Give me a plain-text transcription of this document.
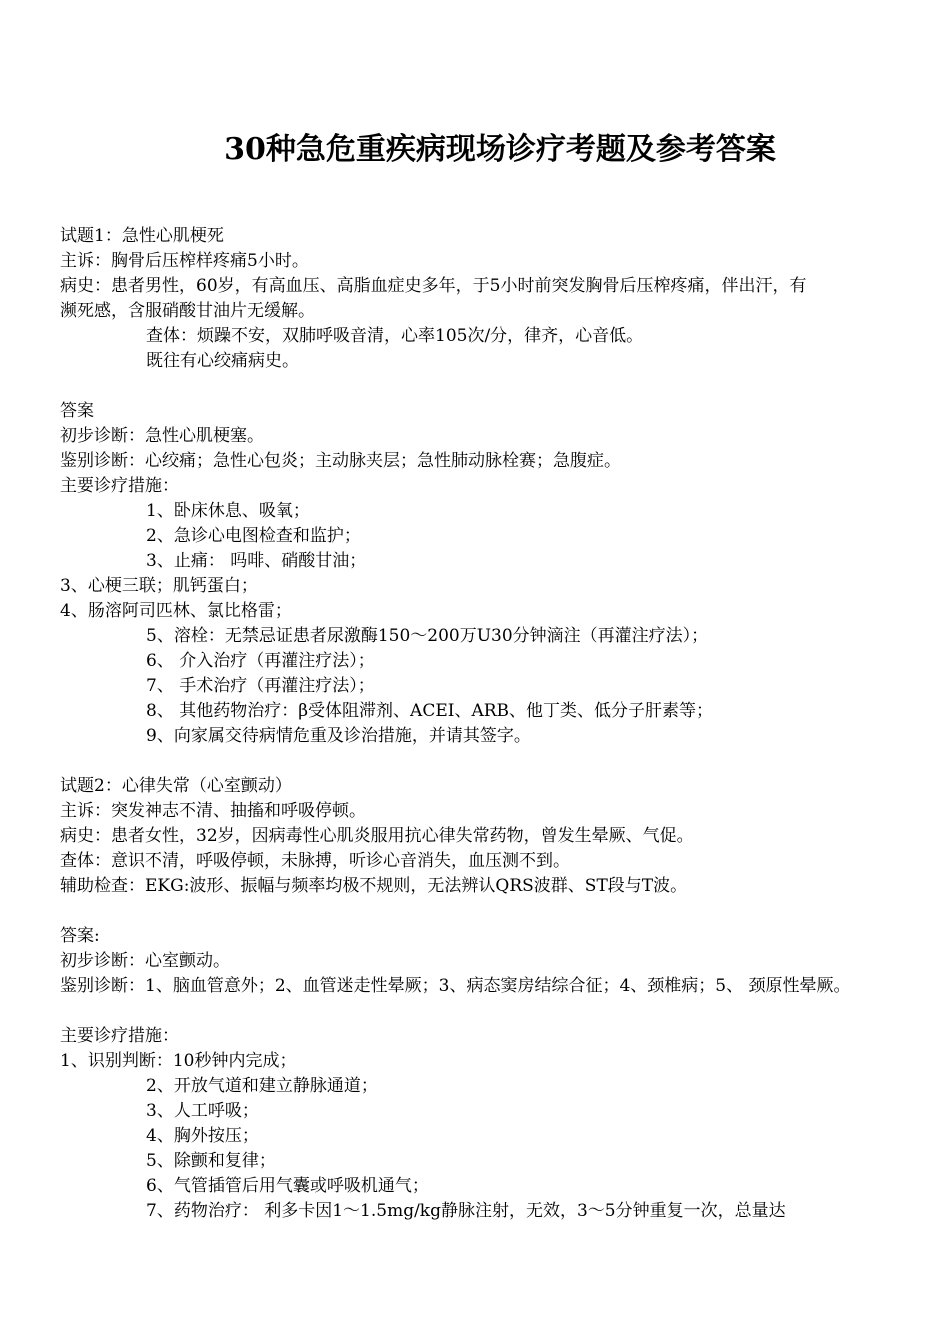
30种急危重疾病现场诊疗考题及参考答案
试题1：急性心肌梗死
主诉：胸骨后压榨样疼痛5小时。
病史：患者男性，60岁，有高血压、高脂血症史多年，于5小时前突发胸骨后压榨疼痛，伴出汗，有
濒死感，含服硝酸甘油片无缓解。
查体：烦躁不安，双肺呼吸音清，心率105次/分，律齐，心音低。
既往有心绞痛病史。
答案
初步诊断：急性心肌梗塞。
鉴别诊断：心绞痛；急性心包炎；主动脉夹层；急性肺动脉栓赛；急腹症。
主要诊疗措施：
1、卧床休息、吸氧；
2、急诊心电图检查和监护；
3、止痛： 吗啡、硝酸甘油；
3、心梗三联；肌钙蛋白；
4、肠溶阿司匹林、氯比格雷；
5、溶栓：无禁忌证患者尿激酶150～200万U30分钟滴注（再灌注疗法）；
6、 介入治疗（再灌注疗法）；
7、 手术治疗（再灌注疗法）；
8、 其他药物治疗：β受体阻滞剂、ACEI、ARB、他丁类、低分子肝素等；
9、向家属交待病情危重及诊治措施，并请其签字。
试题2：心律失常（心室颤动）
主诉：突发神志不清、抽搐和呼吸停顿。
病史：患者女性，32岁，因病毒性心肌炎服用抗心律失常药物，曾发生晕厥、气促。
查体：意识不清，呼吸停顿，未脉搏，听诊心音消失，血压测不到。
辅助检查：EKG:波形、振幅与频率均极不规则，无法辨认QRS波群、ST段与T波。
答案:
初步诊断：心室颤动。
鉴别诊断：1、脑血管意外；2、血管迷走性晕厥；3、病态窦房结综合征；4、颈椎病；5、 颈原性晕厥。
主要诊疗措施：
1、识别判断：10秒钟内完成；
2、开放气道和建立静脉通道；
3、人工呼吸；
4、胸外按压；
5、除颤和复律；
6、气管插管后用气囊或呼吸机通气；
7、药物治疗： 利多卡因1～1.5mg/kg静脉注射，无效，3～5分钟重复一次，总量达
